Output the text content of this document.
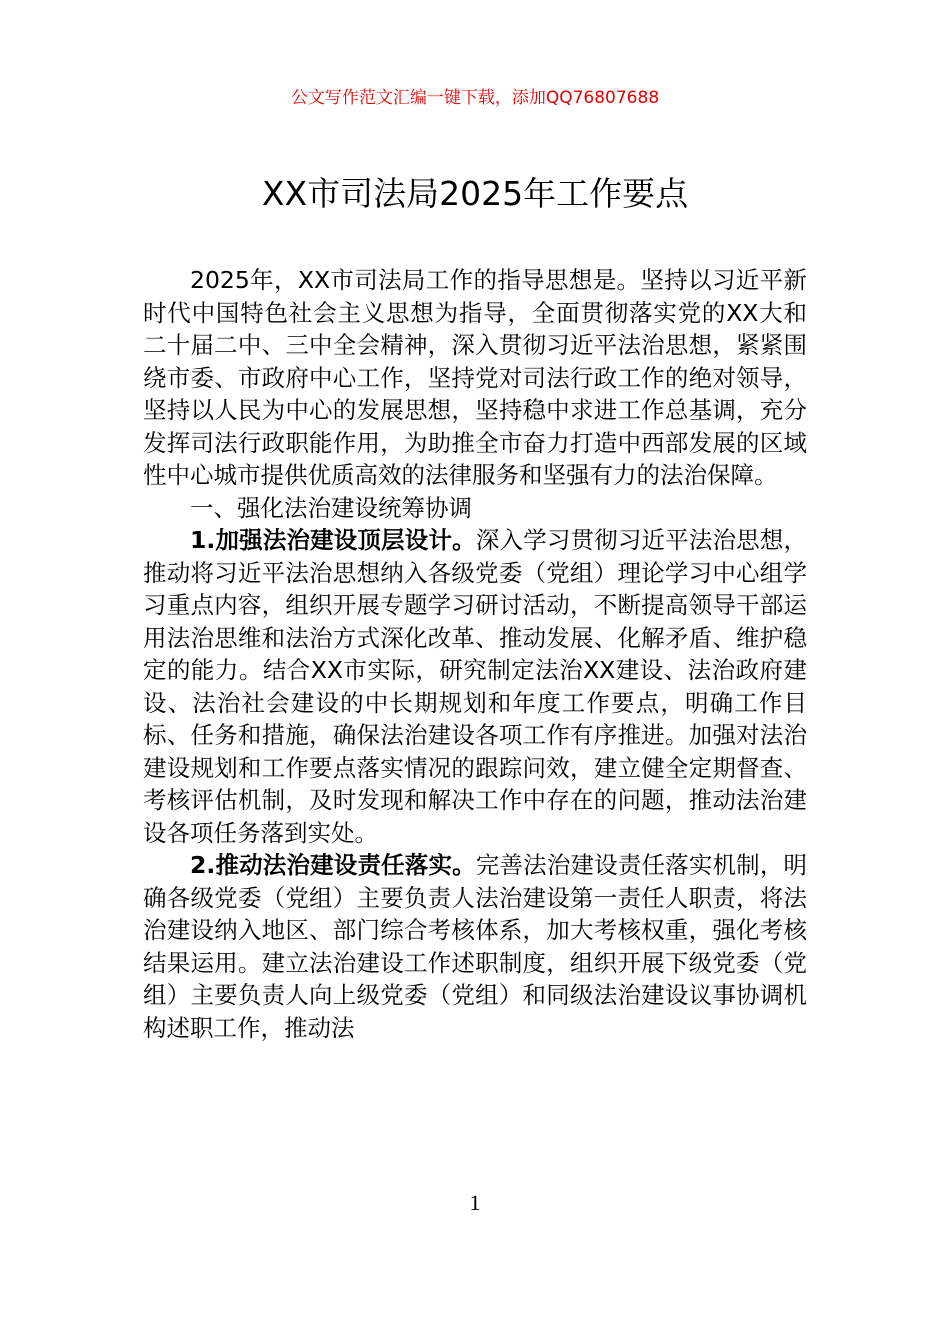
公文写作范文汇编一键下载，添加QQ76807688
XX市司法局2025年工作要点

2025年，XX市司法局工作的指导思想是。坚持以习近平新时代中国特色社会主义思想为指导，全面贯彻落实党的XX大和二十届二中、三中全会精神，深入贯彻习近平法治思想，紧紧围绕市委、市政府中心工作，坚持党对司法行政工作的绝对领导，坚持以人民为中心的发展思想，坚持稳中求进工作总基调，充分发挥司法行政职能作用，为助推全市奋力打造中西部发展的区域性中心城市提供优质高效的法律服务和坚强有力的法治保障。

一、强化法治建设统筹协调

1.加强法治建设顶层设计。深入学习贯彻习近平法治思想，推动将习近平法治思想纳入各级党委（党组）理论学习中心组学习重点内容，组织开展专题学习研讨活动，不断提高领导干部运用法治思维和法治方式深化改革、推动发展、化解矛盾、维护稳定的能力。结合XX市实际，研究制定法治XX建设、法治政府建设、法治社会建设的中长期规划和年度工作要点，明确工作目标、任务和措施，确保法治建设各项工作有序推进。加强对法治建设规划和工作要点落实情况的跟踪问效，建立健全定期督查、考核评估机制，及时发现和解决工作中存在的问题，推动法治建设各项任务落到实处。

2.推动法治建设责任落实。完善法治建设责任落实机制，明确各级党委（党组）主要负责人法治建设第一责任人职责，将法治建设纳入地区、部门综合考核体系，加大考核权重，强化考核结果运用。建立法治建设工作述职制度，组织开展下级党委（党组）主要负责人向上级党委（党组）和同级法治建设议事协调机构述职工作，推动法

1
